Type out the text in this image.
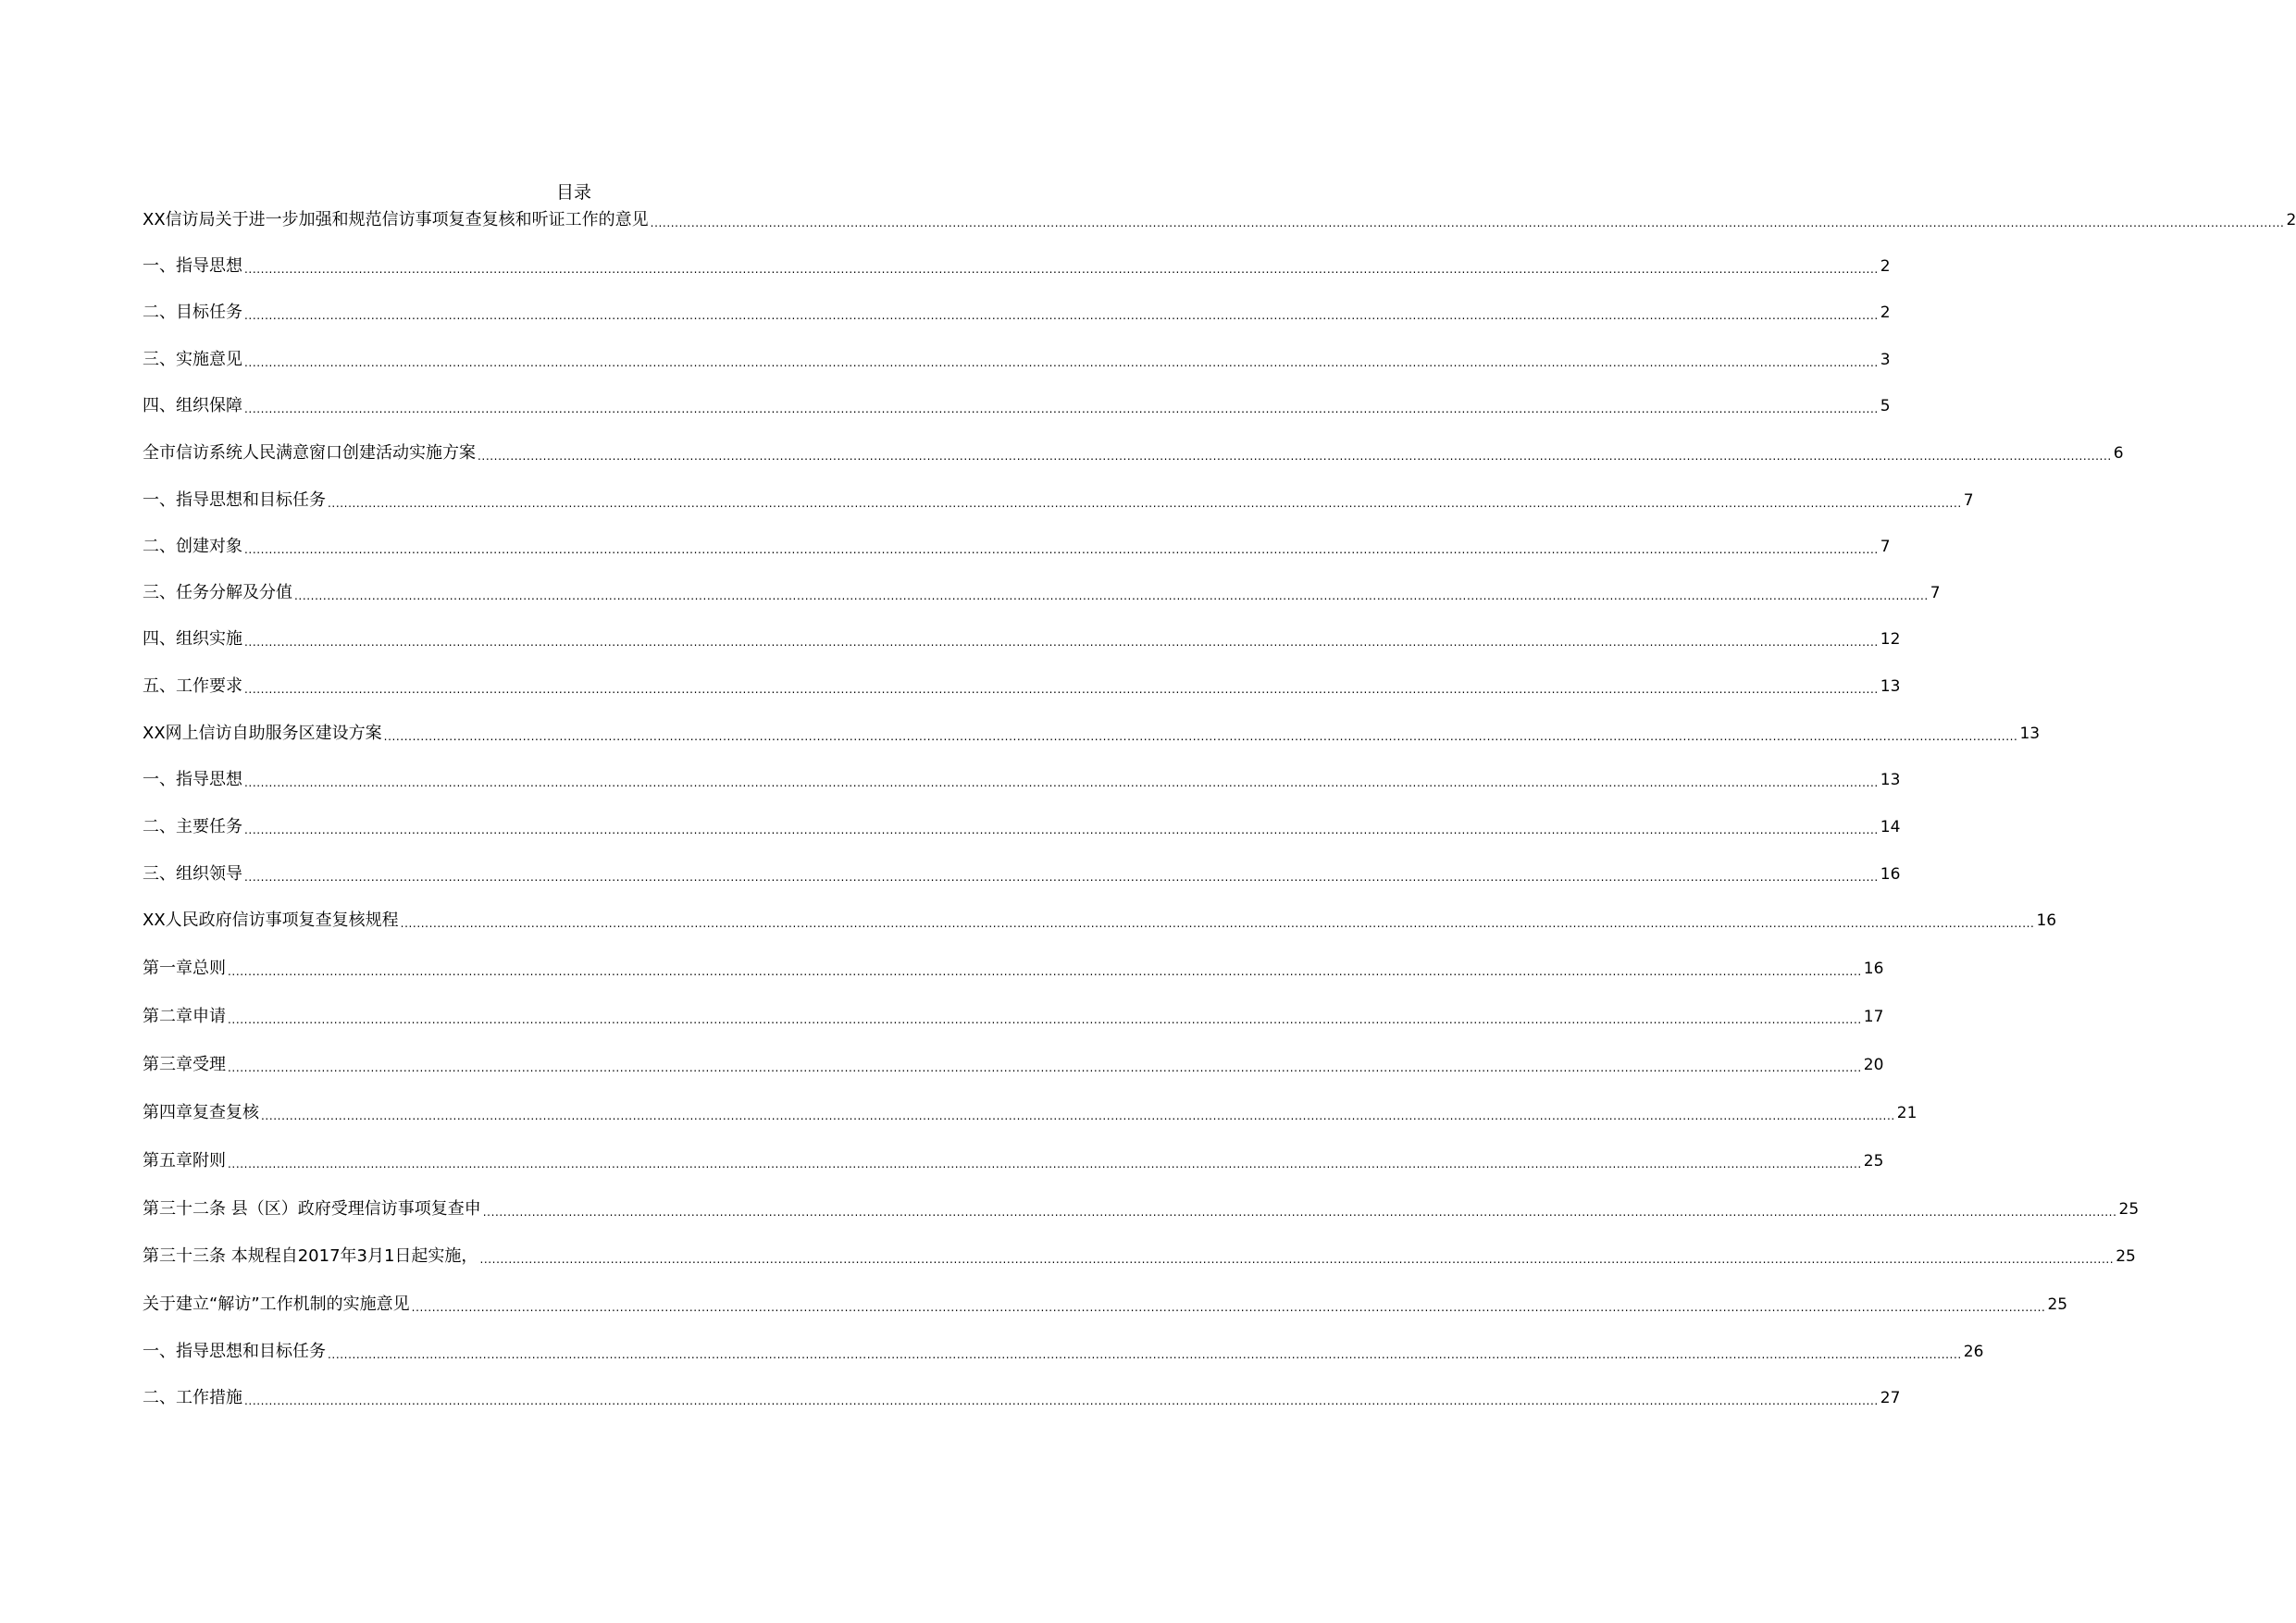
目录
XX信访局关于进一步加强和规范信访事项复查复核和听证工作的意见 ................................................................................................................................................................................................................................................................................................................................................................................................................ 2
一、指导思想 ................................................................................................................................................................................................................................................................................................................................................................................................................ 2
二、目标任务 ................................................................................................................................................................................................................................................................................................................................................................................................................ 2
三、实施意见 ................................................................................................................................................................................................................................................................................................................................................................................................................ 3
四、组织保障 ................................................................................................................................................................................................................................................................................................................................................................................................................ 5
全市信访系统人民满意窗口创建活动实施方案 ................................................................................................................................................................................................................................................................................................................................................................................................................ 6
一、指导思想和目标任务 ................................................................................................................................................................................................................................................................................................................................................................................................................ 7
二、创建对象 ................................................................................................................................................................................................................................................................................................................................................................................................................ 7
三、任务分解及分值 ................................................................................................................................................................................................................................................................................................................................................................................................................ 7
四、组织实施 ................................................................................................................................................................................................................................................................................................................................................................................................................ 12
五、工作要求 ................................................................................................................................................................................................................................................................................................................................................................................................................ 13
XX网上信访自助服务区建设方案 ................................................................................................................................................................................................................................................................................................................................................................................................................ 13
一、指导思想 ................................................................................................................................................................................................................................................................................................................................................................................................................ 13
二、主要任务 ................................................................................................................................................................................................................................................................................................................................................................................................................ 14
三、组织领导 ................................................................................................................................................................................................................................................................................................................................................................................................................ 16
XX人民政府信访事项复查复核规程 ................................................................................................................................................................................................................................................................................................................................................................................................................ 16
第一章总则 ................................................................................................................................................................................................................................................................................................................................................................................................................ 16
第二章申请 ................................................................................................................................................................................................................................................................................................................................................................................................................ 17
第三章受理 ................................................................................................................................................................................................................................................................................................................................................................................................................ 20
第四章复查复核 ................................................................................................................................................................................................................................................................................................................................................................................................................ 21
第五章附则 ................................................................................................................................................................................................................................................................................................................................................................................................................ 25
第三十二条 县（区）政府受理信访事项复查申 ................................................................................................................................................................................................................................................................................................................................................................................................................ 25
第三十三条 本规程自2017年3月1日起实施， ................................................................................................................................................................................................................................................................................................................................................................................................................ 25
关于建立“解访”工作机制的实施意见 ................................................................................................................................................................................................................................................................................................................................................................................................................ 25
一、指导思想和目标任务 ................................................................................................................................................................................................................................................................................................................................................................................................................ 26
二、工作措施 ................................................................................................................................................................................................................................................................................................................................................................................................................ 27
